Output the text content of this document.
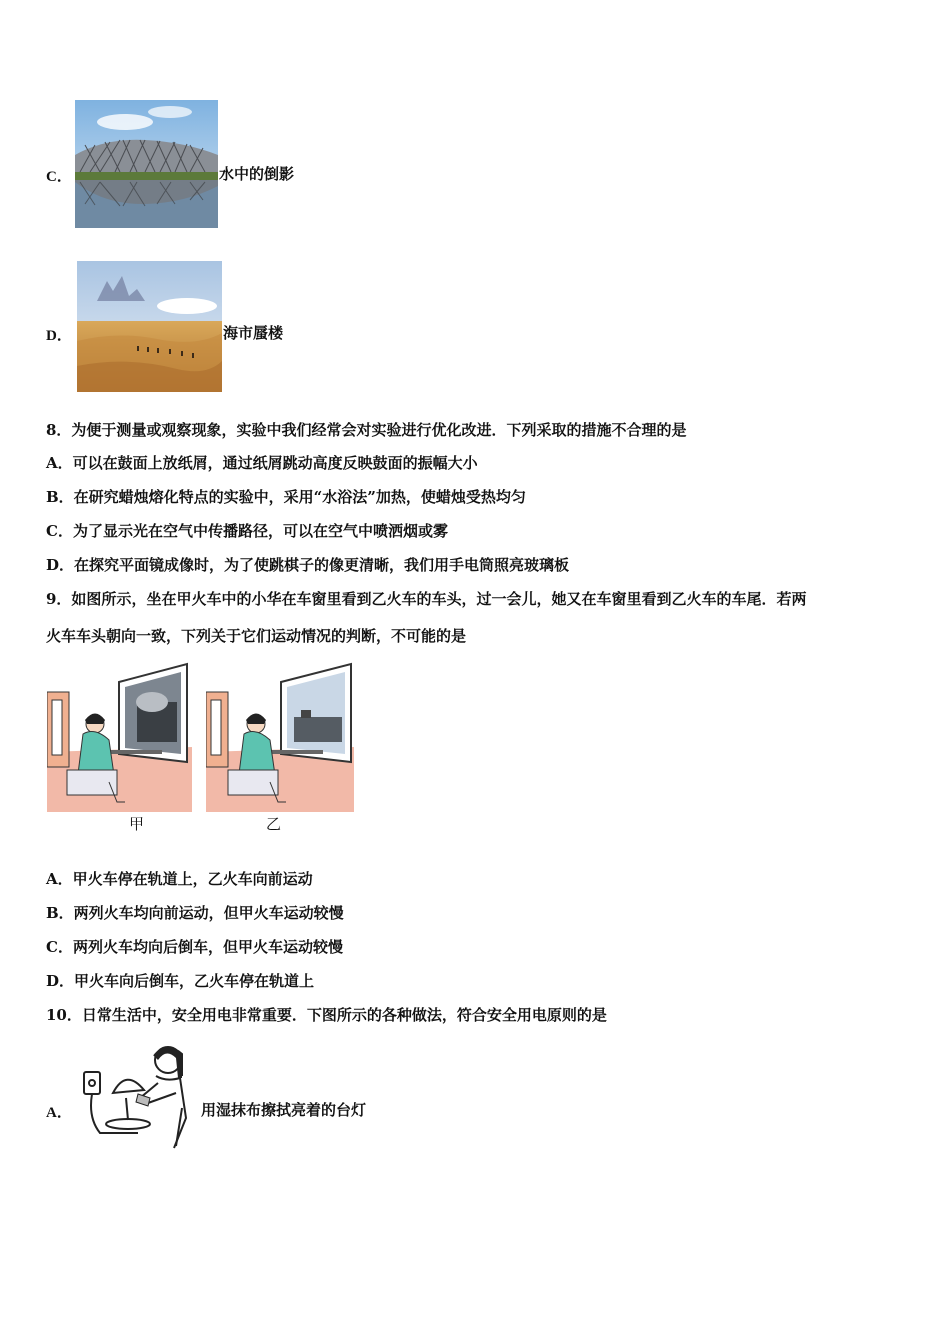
C．	水中的倒影
D．	海市蜃楼
8．为便于测量或观察现象，实验中我们经常会对实验进行优化改进．下列采取的措施不合理的是
A．可以在鼓面上放纸屑，通过纸屑跳动高度反映鼓面的振幅大小
B．在研究蜡烛熔化特点的实验中，采用“水浴法”加热，使蜡烛受热均匀
C．为了显示光在空气中传播路径，可以在空气中喷洒烟或雾
D．在探究平面镜成像时，为了使跳棋子的像更清晰，我们用手电筒照亮玻璃板
9．如图所示，坐在甲火车中的小华在车窗里看到乙火车的车头，过一会儿，她又在车窗里看到乙火车的车尾．若两
火车车头朝向一致，下列关于它们运动情况的判断，不可能的是
甲	乙
A．甲火车停在轨道上，乙火车向前运动
B．两列火车均向前运动，但甲火车运动较慢
C．两列火车均向后倒车，但甲火车运动较慢
D．甲火车向后倒车，乙火车停在轨道上
10．日常生活中，安全用电非常重要．下图所示的各种做法，符合安全用电原则的是
A．	用湿抹布擦拭亮着的台灯
